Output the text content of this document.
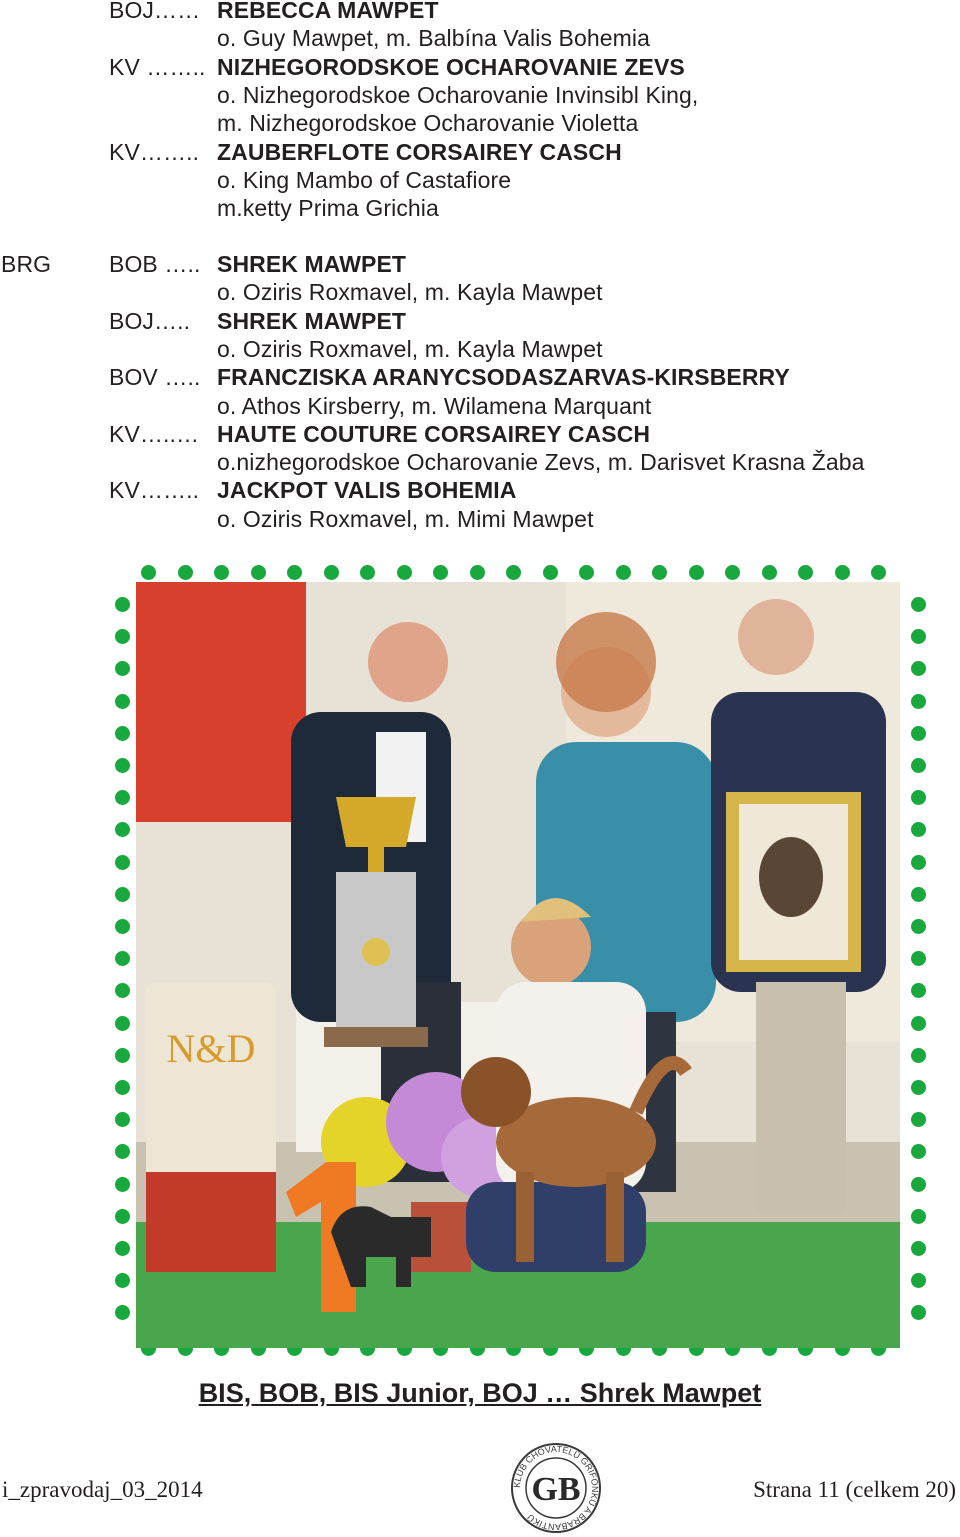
BOJ…… REBECCA MAWPET
o. Guy Mawpet, m. Balbína Valis Bohemia
KV …….. NIZHEGORODSKOE OCHAROVANIE ZEVS
o. Nizhegorodskoe Ocharovanie Invinsibl King,
m. Nizhegorodskoe Ocharovanie Violetta
KV…….. ZAUBERFLOTE CORSAIREY CASCH
o. King Mambo of Castafiore
m.ketty Prima Grichia
BRG	BOB ….. SHREK MAWPET
o. Oziris Roxmavel, m. Kayla Mawpet
BOJ….. SHREK MAWPET
o. Oziris Roxmavel, m. Kayla Mawpet
BOV ….. FRANCZISKA ARANYCSODASZARVAS-KIRSBERRY
o. Athos Kirsberry, m. Wilamena Marquant
KV…..… HAUTE COUTURE CORSAIREY CASCH
o.nizhegorodskoe Ocharovanie Zevs, m. Darisvet Krasna Žaba
KV…….. JACKPOT VALIS BOHEMIA
o. Oziris Roxmavel, m. Mimi Mawpet
N&D
1
BIS, BOB, BIS Junior, BOJ … Shrek Mawpet
i_zpravodaj_03_2014	KLUB CHOVATELŮ GRIFONKŮ A BRABANTÍKŮ
GB	Strana 11 (celkem 20)
